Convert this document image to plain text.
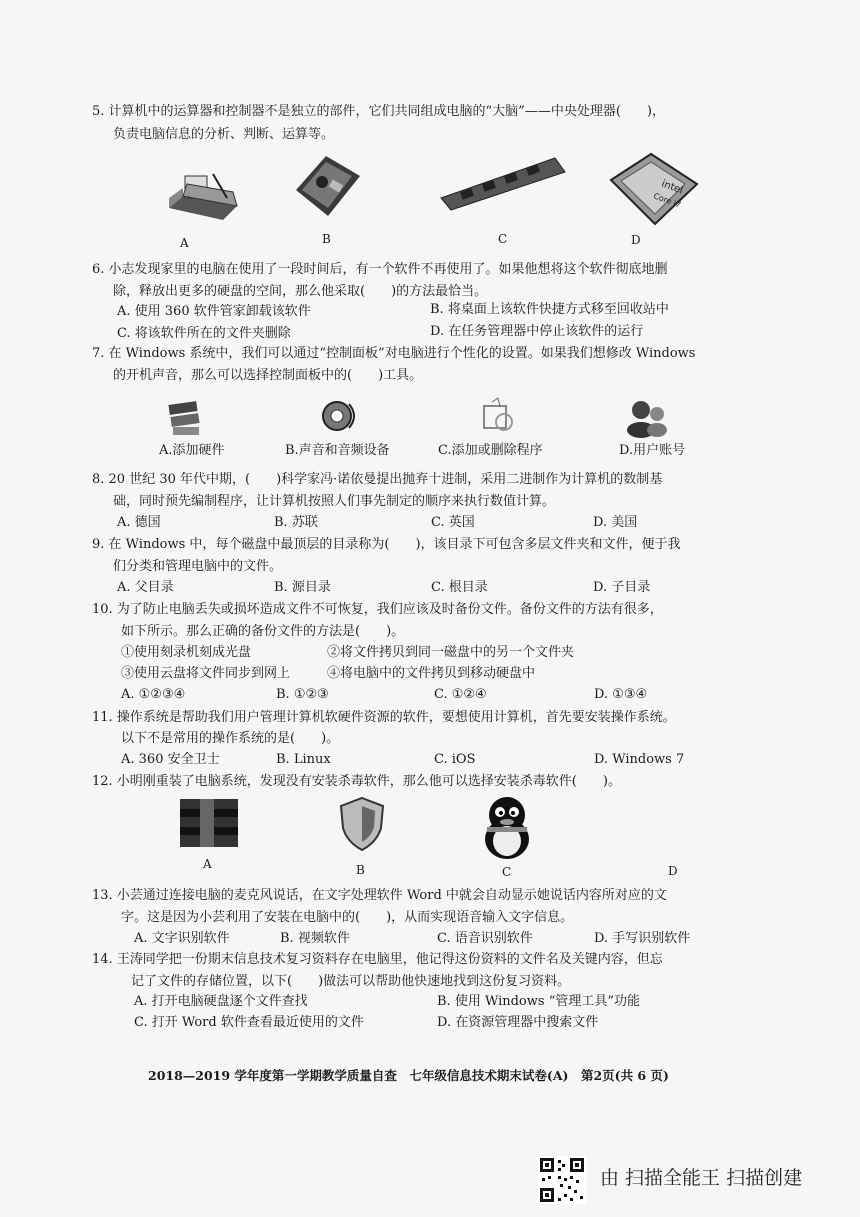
5. 计算机中的运算器和控制器不是独立的部件，它们共同组成电脑的“大脑”——中央处理器(　　)，
负责电脑信息的分析、判断、运算等。
A	B	C
intel
Core i7
D
6. 小志发现家里的电脑在使用了一段时间后，有一个软件不再使用了。如果他想将这个软件彻底地删
除，释放出更多的硬盘的空间，那么他采取(　　)的方法最恰当。
A. 使用 360 软件管家卸载该软件	B. 将桌面上该软件快捷方式移至回收站中
C. 将该软件所在的文件夹删除	D. 在任务管理器中停止该软件的运行
7. 在 Windows 系统中，我们可以通过“控制面板”对电脑进行个性化的设置。如果我们想修改 Windows
的开机声音，那么可以选择控制面板中的(　　)工具。
A.添加硬件	B.声音和音频设备	C.添加或删除程序	D.用户账号
8. 20 世纪 30 年代中期，(　　)科学家冯·诺依曼提出抛弃十进制，采用二进制作为计算机的数制基
础，同时预先编制程序，让计算机按照人们事先制定的顺序来执行数值计算。
A. 德国	B. 苏联	C. 英国	D. 美国
9. 在 Windows 中，每个磁盘中最顶层的目录称为(　　)，该目录下可包含多层文件夹和文件，便于我
们分类和管理电脑中的文件。
A. 父目录	B. 源目录	C. 根目录	D. 子目录
10. 为了防止电脑丢失或损坏造成文件不可恢复，我们应该及时备份文件。备份文件的方法有很多，
如下所示。那么正确的备份文件的方法是(　　)。
①使用刻录机刻成光盘	②将文件拷贝到同一磁盘中的另一个文件夹
③使用云盘将文件同步到网上	④将电脑中的文件拷贝到移动硬盘中
A. ①②③④	B. ①②③	C. ①②④	D. ①③④
11. 操作系统是帮助我们用户管理计算机软硬件资源的软件，要想使用计算机，首先要安装操作系统。
以下不是常用的操作系统的是(　　)。
A. 360 安全卫士	B. Linux	C. iOS	D. Windows 7
12. 小明刚重装了电脑系统，发现没有安装杀毒软件，那么他可以选择安装杀毒软件(　　)。
A	B	C	D
13. 小芸通过连接电脑的麦克风说话，在文字处理软件 Word 中就会自动显示她说话内容所对应的文
字。这是因为小芸利用了安装在电脑中的(　　)，从而实现语音输入文字信息。
A. 文字识别软件	B. 视频软件	C. 语音识别软件	D. 手写识别软件
14. 王涛同学把一份期末信息技术复习资料存在电脑里，他记得这份资料的文件名及关键内容，但忘
记了文件的存储位置，以下(　　)做法可以帮助他快速地找到这份复习资料。
A. 打开电脑硬盘逐个文件查找	B. 使用 Windows “管理工具”功能
C. 打开 Word 软件查看最近使用的文件	D. 在资源管理器中搜索文件
2018—2019 学年度第一学期教学质量自查　七年级信息技术期末试卷(A)　第2页(共 6 页)
由 扫描全能王 扫描创建
